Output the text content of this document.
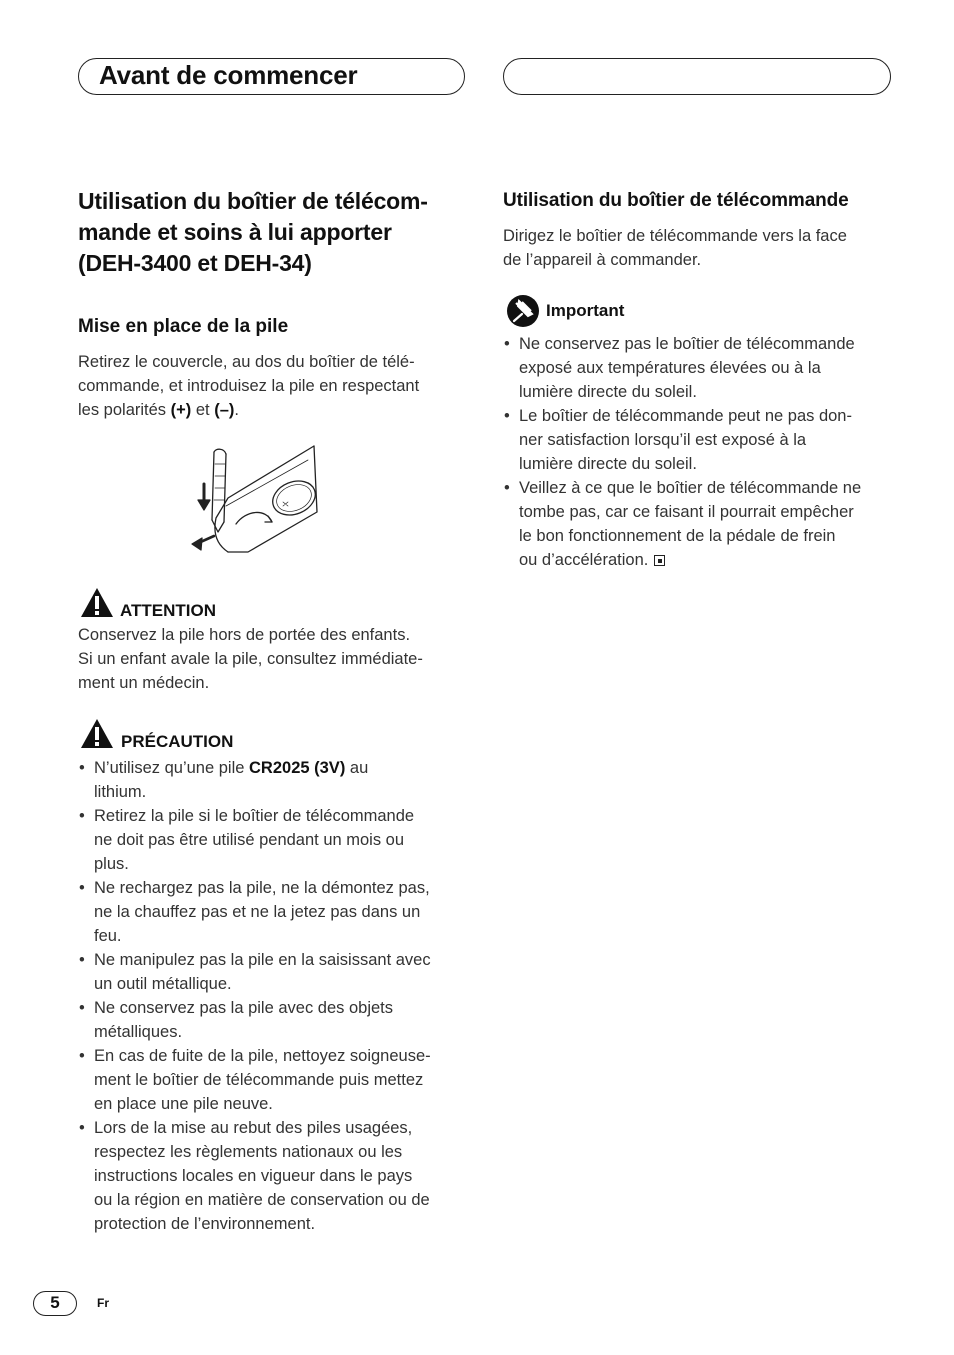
Avant de commencer
Utilisation du boîtier de télécom-
mande et soins à lui apporter
(DEH-3400 et DEH-34)
Mise en place de la pile

Retirez le couvercle, au dos du boîtier de télé-
commande, et introduisez la pile en respectant
les polarités (+) et (–).

ATTENTION

Conservez la pile hors de portée des enfants.
Si un enfant avale la pile, consultez immédiate-
ment un médecin.

PRÉCAUTION
• N’utilisez qu’une pile CR2025 (3V) au
lithium.
• Retirez la pile si le boîtier de télécommande
ne doit pas être utilisé pendant un mois ou
plus.
• Ne rechargez pas la pile, ne la démontez pas,
ne la chauffez pas et ne la jetez pas dans un
feu.
• Ne manipulez pas la pile en la saisissant avec
un outil métallique.
• Ne conservez pas la pile avec des objets
métalliques.
• En cas de fuite de la pile, nettoyez soigneuse-
ment le boîtier de télécommande puis mettez
en place une pile neuve.
• Lors de la mise au rebut des piles usagées,
respectez les règlements nationaux ou les
instructions locales en vigueur dans le pays
ou la région en matière de conservation ou de
protection de l’environnement.
Utilisation du boîtier de télécommande

Dirigez le boîtier de télécommande vers la face
de l’appareil à commander.

Important
• Ne conservez pas le boîtier de télécommande
exposé aux températures élevées ou à la
lumière directe du soleil.
• Le boîtier de télécommande peut ne pas don-
ner satisfaction lorsqu’il est exposé à la
lumière directe du soleil.
• Veillez à ce que le boîtier de télécommande ne
tombe pas, car ce faisant il pourrait empêcher
le bon fonctionnement de la pédale de frein
ou d’accélération.
5	Fr
